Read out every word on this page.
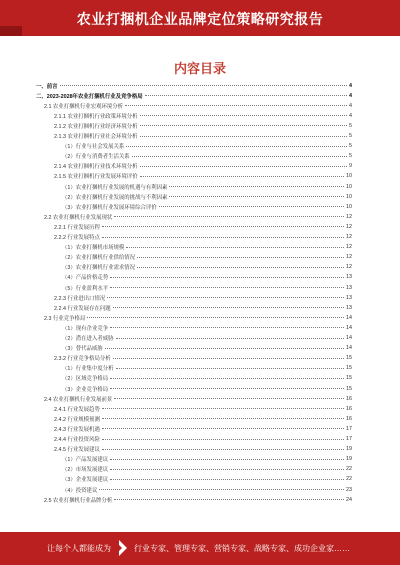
农业打捆机企业品牌定位策略研究报告
内容目录
一、前言	4
二、2023-2028年农业打捆机行业及竞争格局	4
2.1 农业打捆机行业宏观环境分析	4
2.1.1 农业打捆机行业政策环境分析	4
2.1.2 农业打捆机行业经济环境分析	5
2.1.3 农业打捆机行业社会环境分析	5
（1）行业与社会发展关系	5
（2）行业与消费者生活关系	5
2.1.4 农业打捆机行业技术环境分析	9
2.1.5 农业打捆机行业发展环境评价	10
（1）农业打捆机行业发展的机遇与有利因素	10
（2）农业打捆机行业发展的挑战与不利因素	10
（3）农业打捆机行业发展环境综合评价	10
2.2 农业打捆机行业发展现状	12
2.2.1 行业发展历程	12
2.2.2 行业发展特点	12
（1）农业打捆机市场规模	12
（2）农业打捆机行业供给情况	12
（3）农业打捆机行业需求情况	12
（4）产品价格走势	13
（5）行业盈利水平	13
2.2.3 行业进出口情况	13
2.2.4 行业发展存在问题	13
2.3 行业竞争格局	14
（1）现有企业竞争	14
（2）潜在进入者威胁	14
（3）替代品威胁	14
2.3.2 行业竞争格局分析	15
（1）行业集中度分析	15
（2）区域竞争格局	15
（3）企业竞争格局	15
2.4 农业打捆机行业发展前景	16
2.4.1 行业发展趋势	16
2.4.2 行业规模预测	16
2.4.3 行业发展机遇	17
2.4.4 行业投资风险	17
2.4.5 行业发展建议	19
（1）产品发展建议	19
（2）市场发展建议	22
（3）企业发展建议	22
（4）投资建议	23
2.5 农业打捆机行业品牌分析	24
让每个人都能成为	行业专家、管理专家、营销专家、战略专家、成功企业家……
